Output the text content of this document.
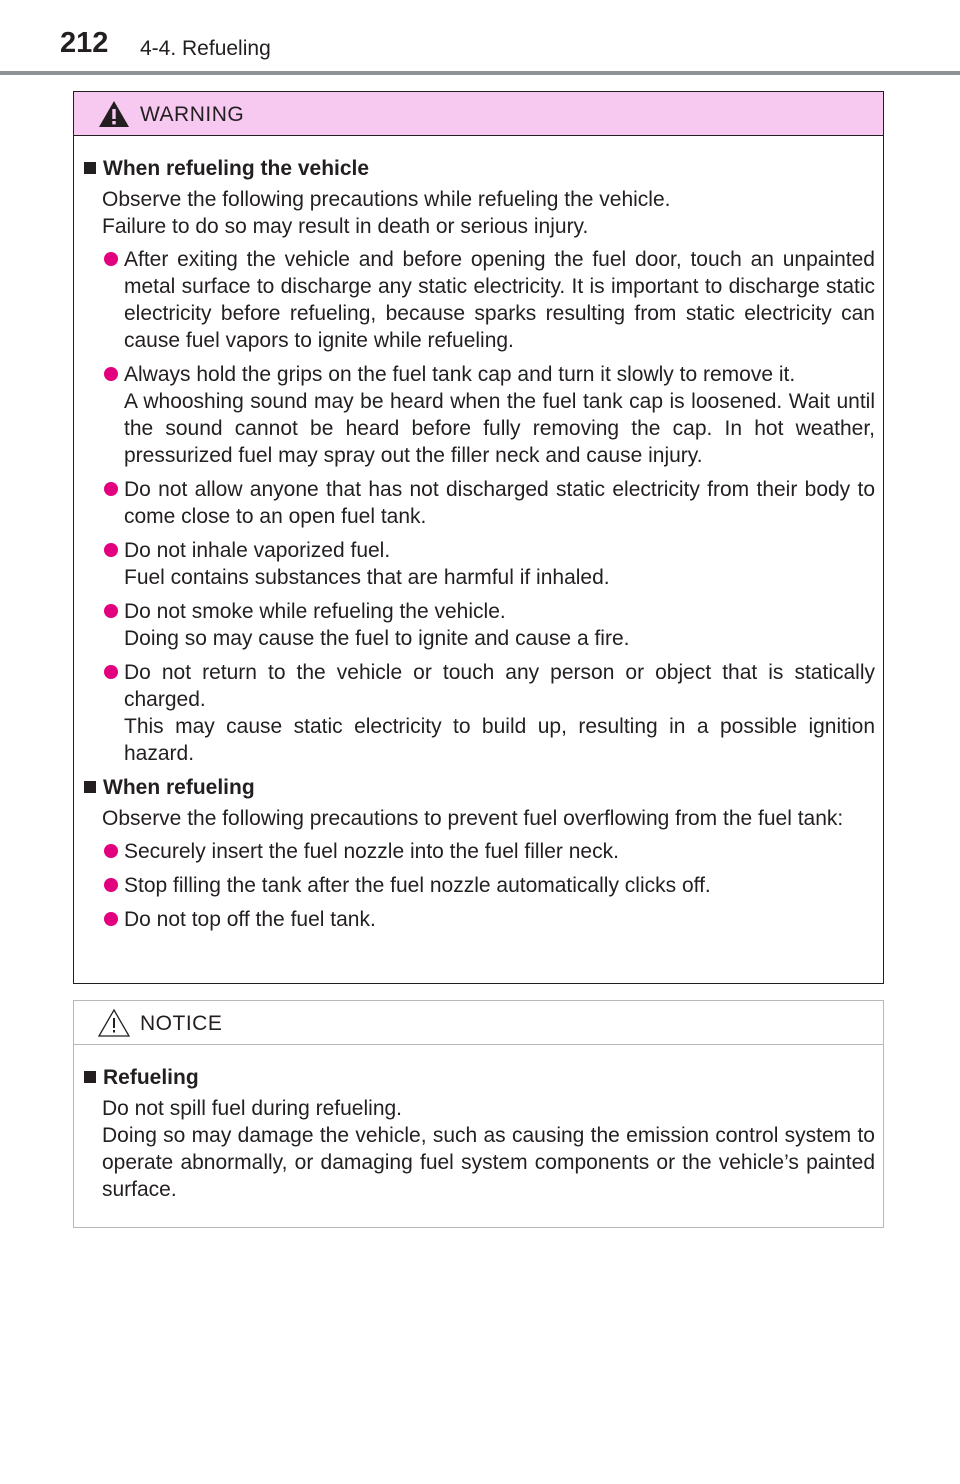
212 4-4. Refueling
WARNING
When refueling the vehicle
Observe the following precautions while refueling the vehicle.
Failure to do so may result in death or serious injury.
After exiting the vehicle and before opening the fuel door, touch an unpainted metal surface to discharge any static electricity. It is important to discharge static electricity before refueling, because sparks resulting from static electricity can cause fuel vapors to ignite while refueling.
Always hold the grips on the fuel tank cap and turn it slowly to remove it.
A whooshing sound may be heard when the fuel tank cap is loosened. Wait until the sound cannot be heard before fully removing the cap. In hot weather, pressurized fuel may spray out the filler neck and cause injury.
Do not allow anyone that has not discharged static electricity from their body to come close to an open fuel tank.
Do not inhale vaporized fuel.
Fuel contains substances that are harmful if inhaled.
Do not smoke while refueling the vehicle.
Doing so may cause the fuel to ignite and cause a fire.
Do not return to the vehicle or touch any person or object that is statically charged.
This may cause static electricity to build up, resulting in a possible ignition hazard.
When refueling
Observe the following precautions to prevent fuel overflowing from the fuel tank:
Securely insert the fuel nozzle into the fuel filler neck.
Stop filling the tank after the fuel nozzle automatically clicks off.
Do not top off the fuel tank.
NOTICE
Refueling
Do not spill fuel during refueling.
Doing so may damage the vehicle, such as causing the emission control system to operate abnormally, or damaging fuel system components or the vehicle’s painted surface.
